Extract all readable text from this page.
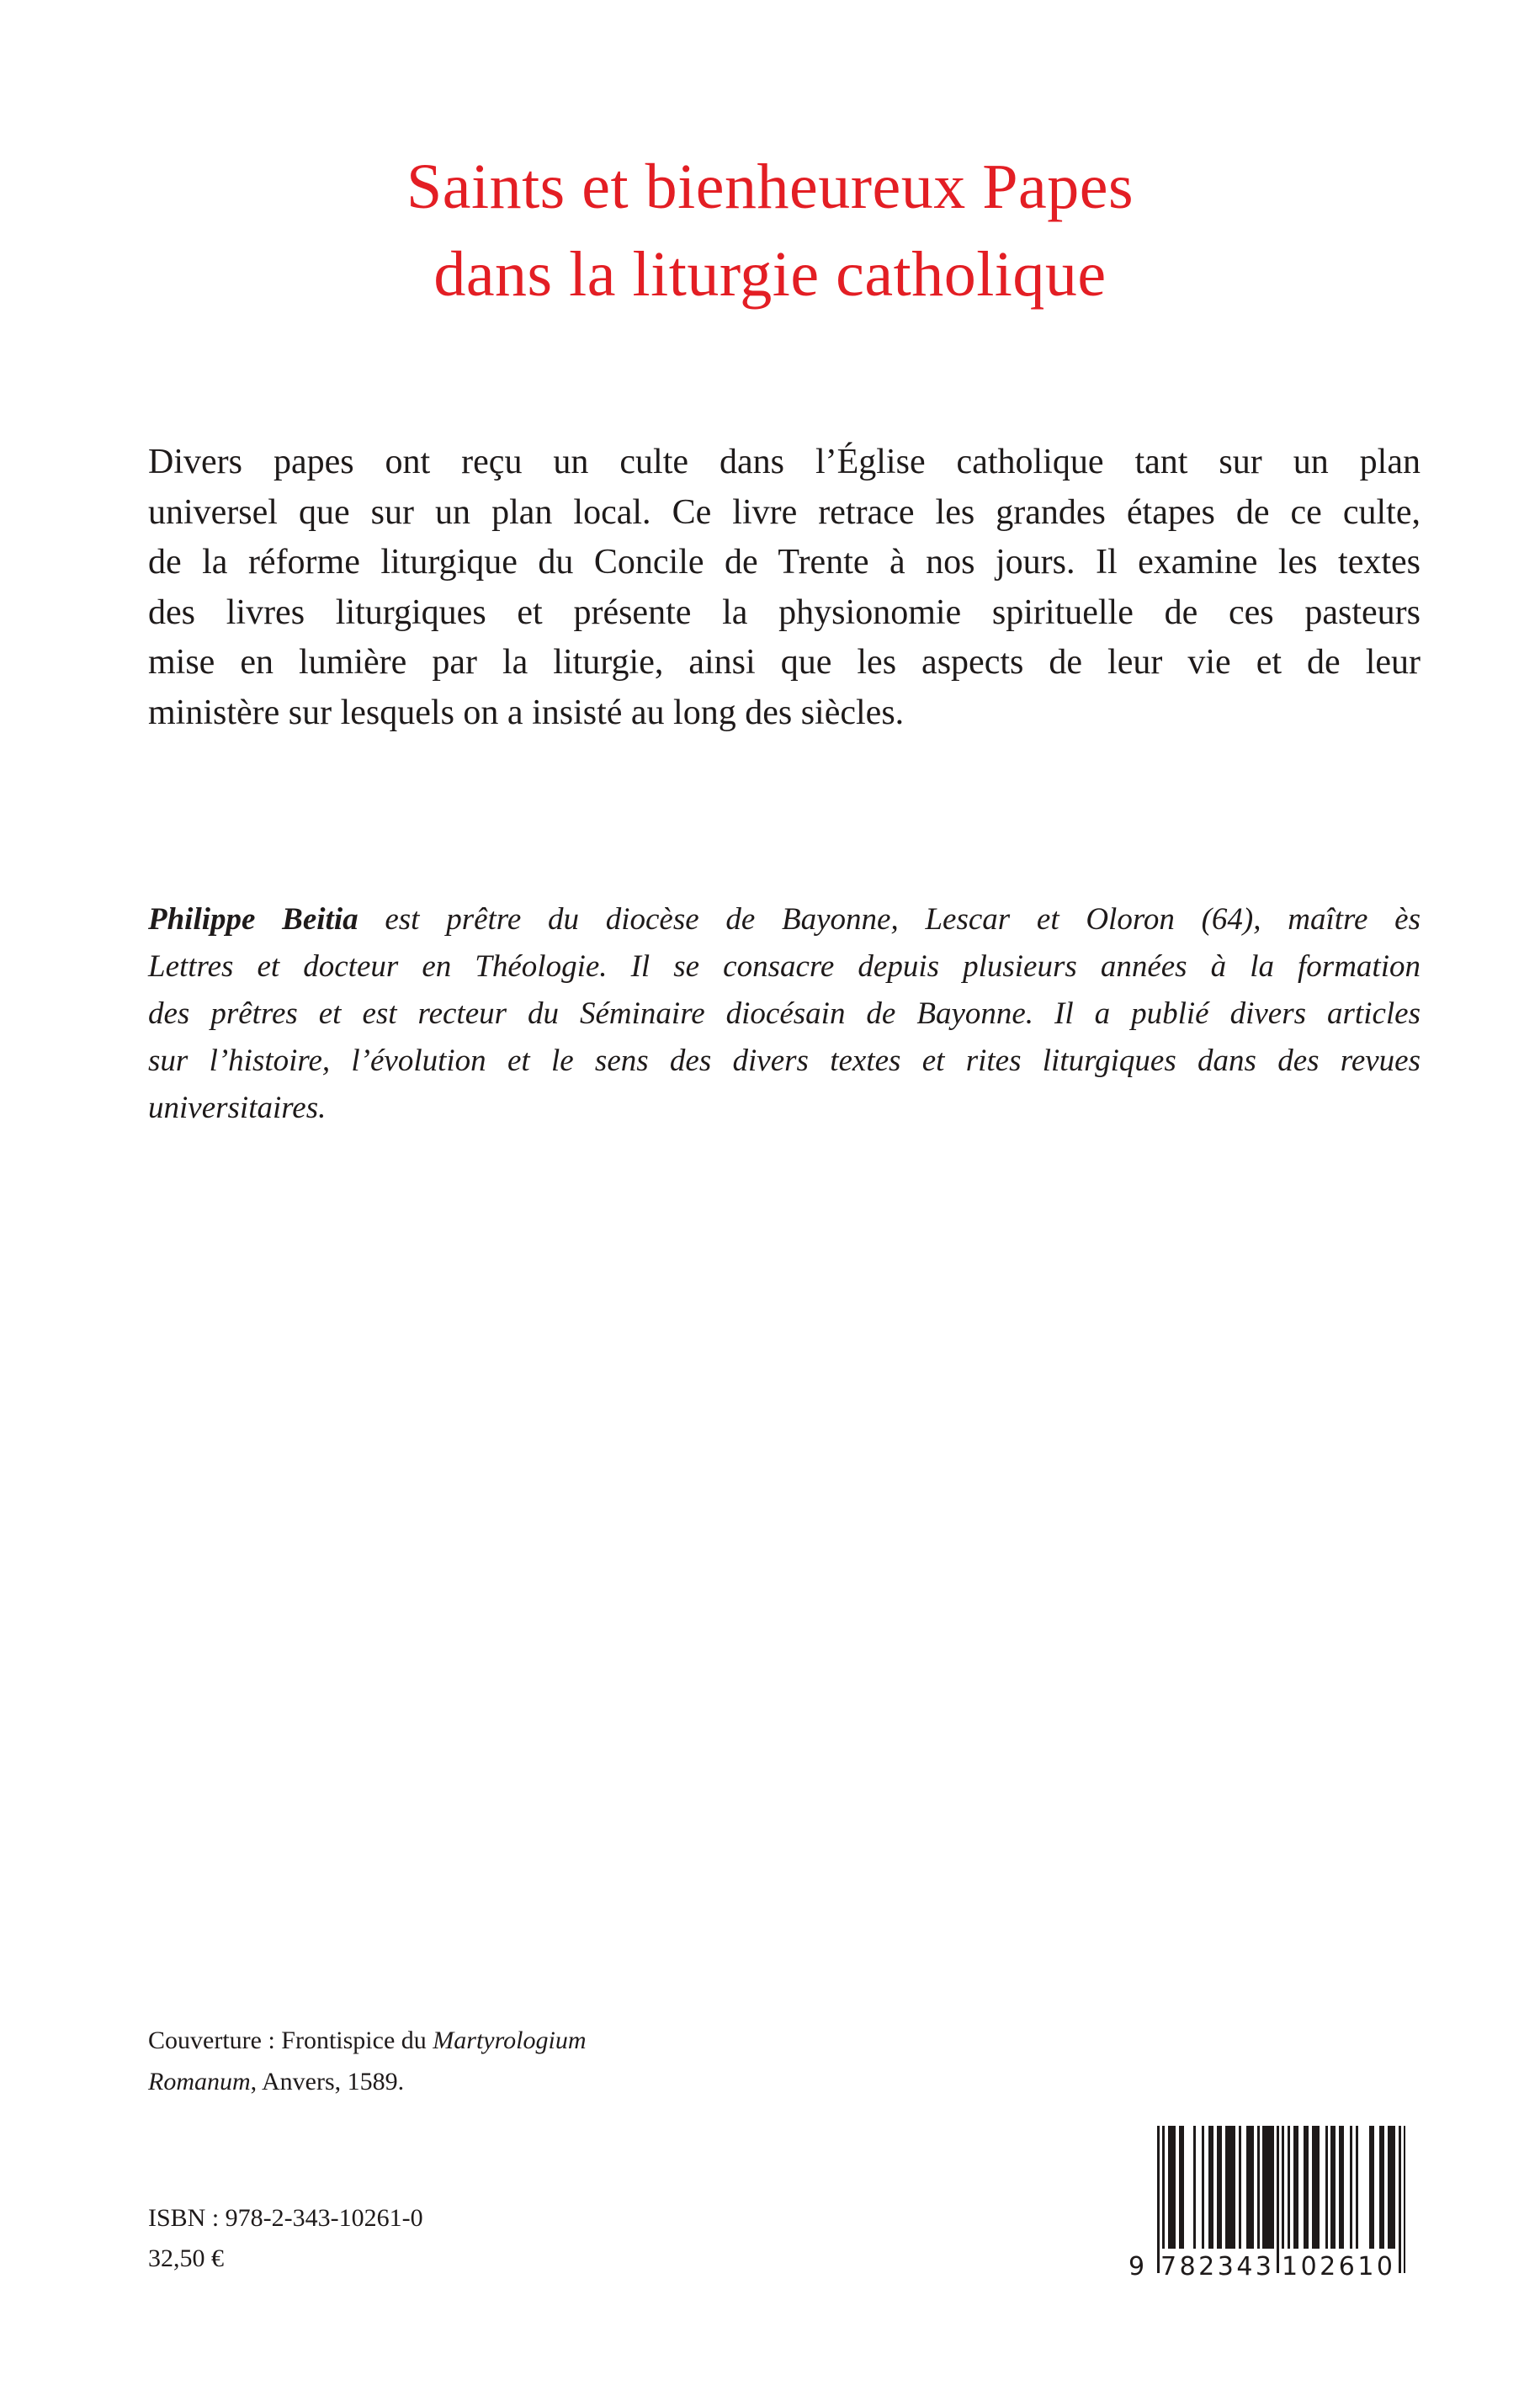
Saints et bienheureux Papes
dans la liturgie catholique
Divers papes ont reçu un culte dans l’Église catholique tant sur un plan
universel que sur un plan local. Ce livre retrace les grandes étapes de ce culte,
de la réforme liturgique du Concile de Trente à nos jours. Il examine les textes
des livres liturgiques et présente la physionomie spirituelle de ces pasteurs
mise en lumière par la liturgie, ainsi que les aspects de leur vie et de leur
ministère sur lesquels on a insisté au long des siècles.
Philippe Beitia est prêtre du diocèse de Bayonne, Lescar et Oloron (64), maître ès
Lettres et docteur en Théologie. Il se consacre depuis plusieurs années à la formation
des prêtres et est recteur du Séminaire diocésain de Bayonne. Il a publié divers articles
sur l’histoire, l’évolution et le sens des divers textes et rites liturgiques dans des revues
universitaires.
Couverture : Frontispice du Martyrologium
Romanum, Anvers, 1589.
ISBN : 978-2-343-10261-0
32,50 €	9 782343 102610
